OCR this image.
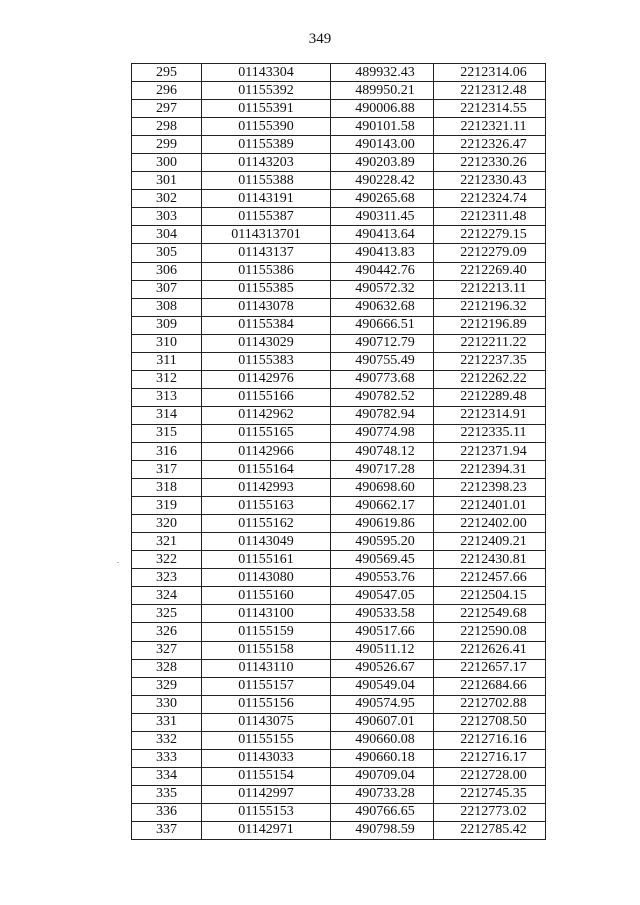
349
295	01143304	489932.43	2212314.06
296	01155392	489950.21	2212312.48
297	01155391	490006.88	2212314.55
298	01155390	490101.58	2212321.11
299	01155389	490143.00	2212326.47
300	01143203	490203.89	2212330.26
301	01155388	490228.42	2212330.43
302	01143191	490265.68	2212324.74
303	01155387	490311.45	2212311.48
304	0114313701	490413.64	2212279.15
305	01143137	490413.83	2212279.09
306	01155386	490442.76	2212269.40
307	01155385	490572.32	2212213.11
308	01143078	490632.68	2212196.32
309	01155384	490666.51	2212196.89
310	01143029	490712.79	2212211.22
311	01155383	490755.49	2212237.35
312	01142976	490773.68	2212262.22
313	01155166	490782.52	2212289.48
314	01142962	490782.94	2212314.91
315	01155165	490774.98	2212335.11
316	01142966	490748.12	2212371.94
317	01155164	490717.28	2212394.31
318	01142993	490698.60	2212398.23
319	01155163	490662.17	2212401.01
320	01155162	490619.86	2212402.00
321	01143049	490595.20	2212409.21
322	01155161	490569.45	2212430.81
323	01143080	490553.76	2212457.66
324	01155160	490547.05	2212504.15
325	01143100	490533.58	2212549.68
326	01155159	490517.66	2212590.08
327	01155158	490511.12	2212626.41
328	01143110	490526.67	2212657.17
329	01155157	490549.04	2212684.66
330	01155156	490574.95	2212702.88
331	01143075	490607.01	2212708.50
332	01155155	490660.08	2212716.16
333	01143033	490660.18	2212716.17
334	01155154	490709.04	2212728.00
335	01142997	490733.28	2212745.35
336	01155153	490766.65	2212773.02
337	01142971	490798.59	2212785.42
